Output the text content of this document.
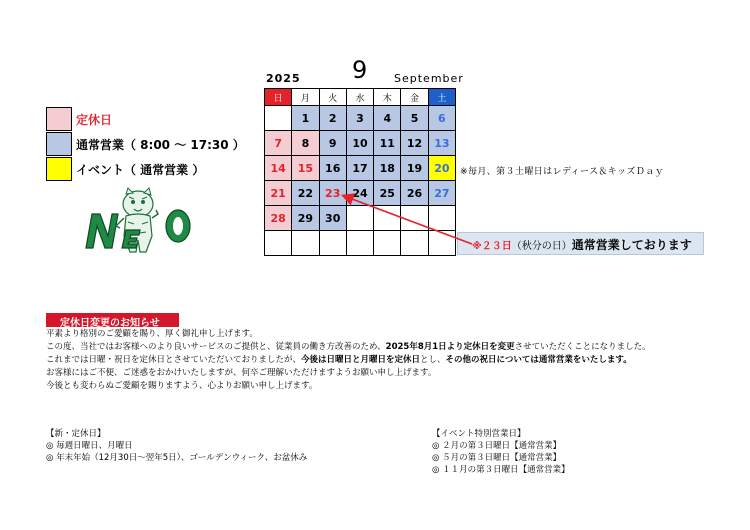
2025 9 September
定休日
通常営業（ 8:00 ～ 17:30 ）
イベント（ 通常営業 ）
日	月	火	水	木	金	土
	1	2	3	4	5	6
7	8	9	10	11	12	13
14	15	16	17	18	19	20
21	22	23	24	25	26	27
28	29	30				

※毎月、第３土曜日はレディース＆キッズＤａｙ
※２３日（秋分の日）通常営業しております
定休日変更のお知らせ

平素より格別のご愛顧を賜り、厚く御礼申し上げます。

この度、当社ではお客様へのより良いサービスのご提供と、従業員の働き方改善のため、2025年8月1日より定休日を変更させていただくことになりました。

これまでは日曜・祝日を定休日とさせていただいておりましたが、今後は日曜日と月曜日を定休日とし、その他の祝日については通常営業をいたします。

お客様にはご不便、ご迷惑をおかけいたしますが、何卒ご理解いただけますようお願い申し上げます。

今後とも変わらぬご愛顧を賜りますよう、心よりお願い申し上げます。

【新・定休日】
◎ 毎週日曜日、月曜日
◎ 年末年始（12月30日～翌年5日）、ゴールデンウィーク、お盆休み
【イベント特別営業日】
◎ ２月の第３日曜日【通常営業】
◎ ５月の第３日曜日【通常営業】
◎ １１月の第３日曜日【通常営業】
